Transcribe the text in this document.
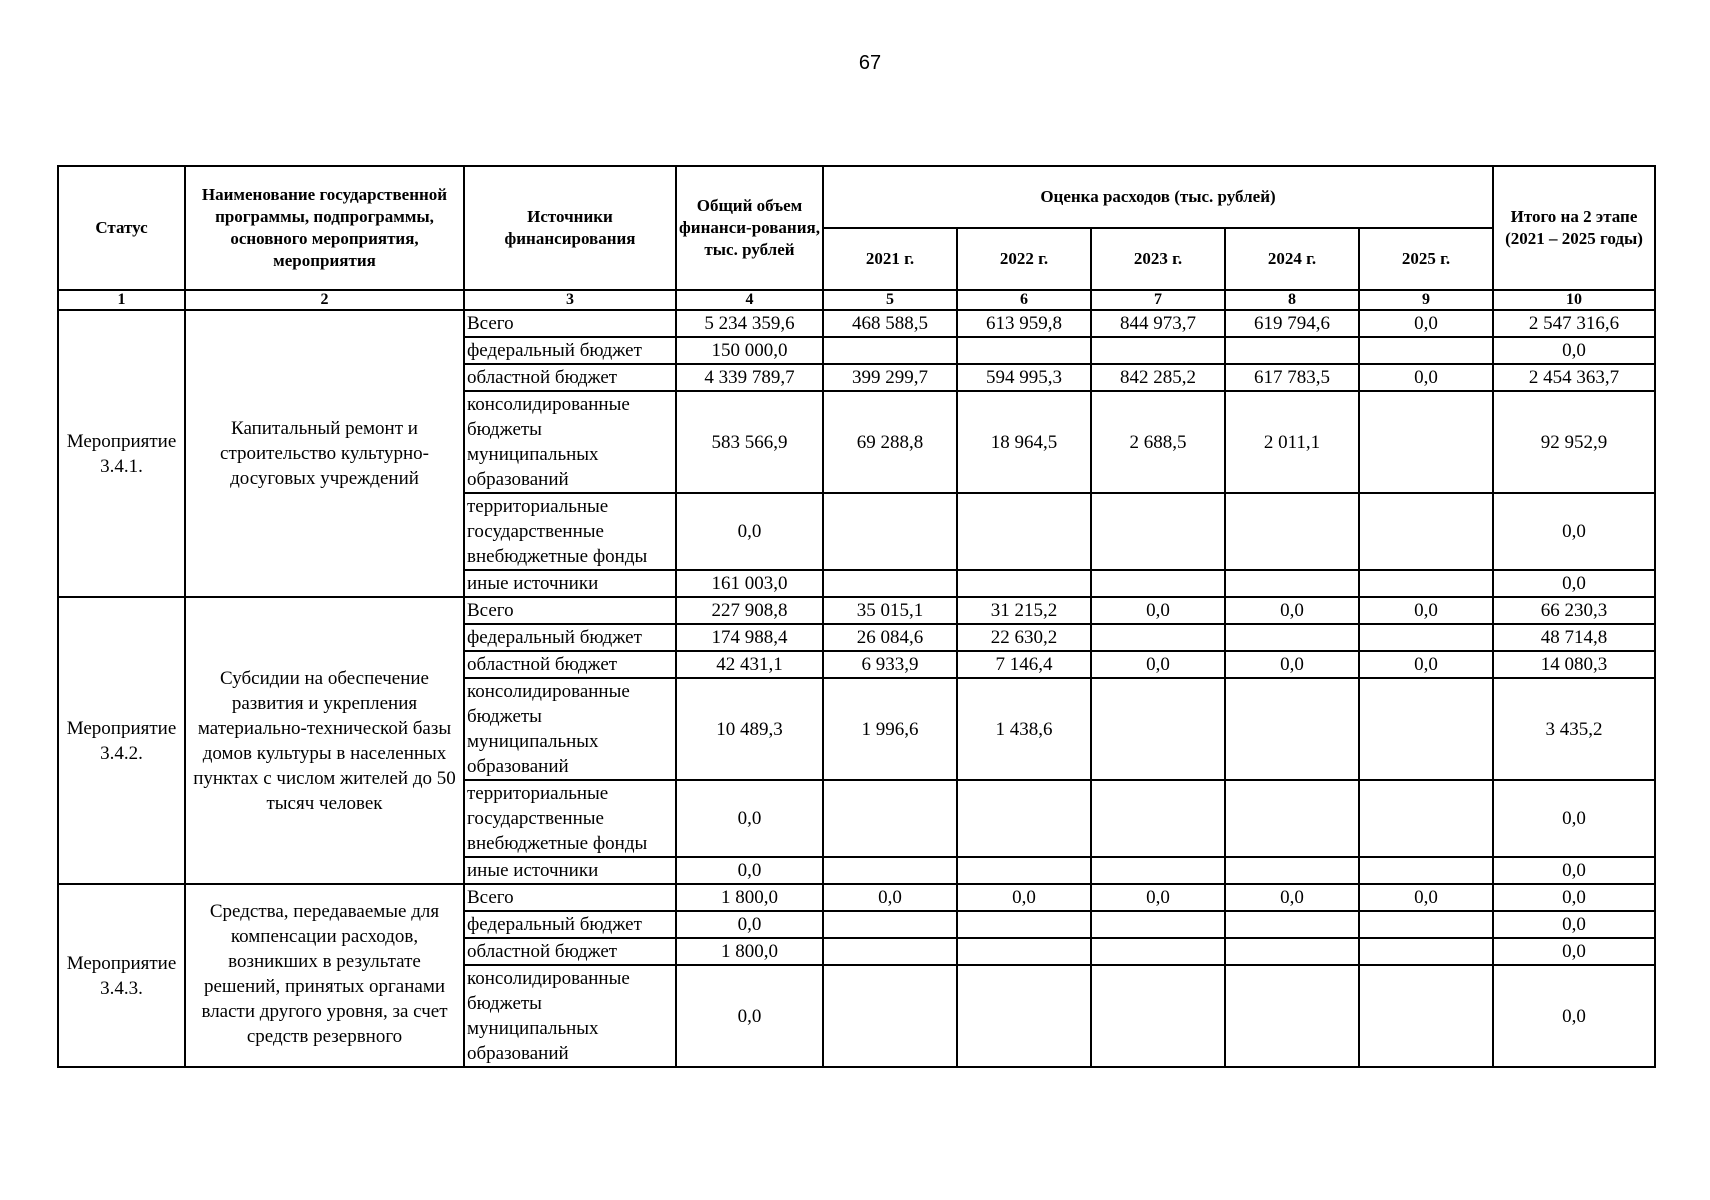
67
Статус	Наименование государственной программы, подпрограммы, основного мероприятия, мероприятия	Источники финансирования	Общий объем финанси-рования, тыс. рублей	Оценка расходов (тыс. рублей)					Итого на 2 этапе (2021 – 2025 годы)
				2021 г.	2022 г.	2023 г.	2024 г.	2025 г.	
1	2	3	4	5	6	7	8	9	10
Мероприятие 3.4.1.	Капитальный ремонт и строительство культурно-досуговых учреждений	Всего	5 234 359,6	468 588,5	613 959,8	844 973,7	619 794,6	0,0	2 547 316,6
		федеральный бюджет	150 000,0						0,0
		областной бюджет	4 339 789,7	399 299,7	594 995,3	842 285,2	617 783,5	0,0	2 454 363,7
		консолидированные бюджеты муниципальных образований	583 566,9	69 288,8	18 964,5	2 688,5	2 011,1		92 952,9
		территориальные государственные внебюджетные фонды	0,0						0,0
		иные источники	161 003,0						0,0
Мероприятие 3.4.2.	Субсидии на обеспечение развития и укрепления материально-технической базы домов культуры в населенных пунктах с числом жителей до 50 тысяч человек	Всего	227 908,8	35 015,1	31 215,2	0,0	0,0	0,0	66 230,3
		федеральный бюджет	174 988,4	26 084,6	22 630,2				48 714,8
		областной бюджет	42 431,1	6 933,9	7 146,4	0,0	0,0	0,0	14 080,3
		консолидированные бюджеты муниципальных образований	10 489,3	1 996,6	1 438,6				3 435,2
		территориальные государственные внебюджетные фонды	0,0						0,0
		иные источники	0,0						0,0
Мероприятие 3.4.3.	Средства, передаваемые для компенсации расходов, возникших в результате решений, принятых органами власти другого уровня, за счет средств резервного	Всего	1 800,0	0,0	0,0	0,0	0,0	0,0	0,0
		федеральный бюджет	0,0						0,0
		областной бюджет	1 800,0						0,0
		консолидированные бюджеты муниципальных образований	0,0						0,0
